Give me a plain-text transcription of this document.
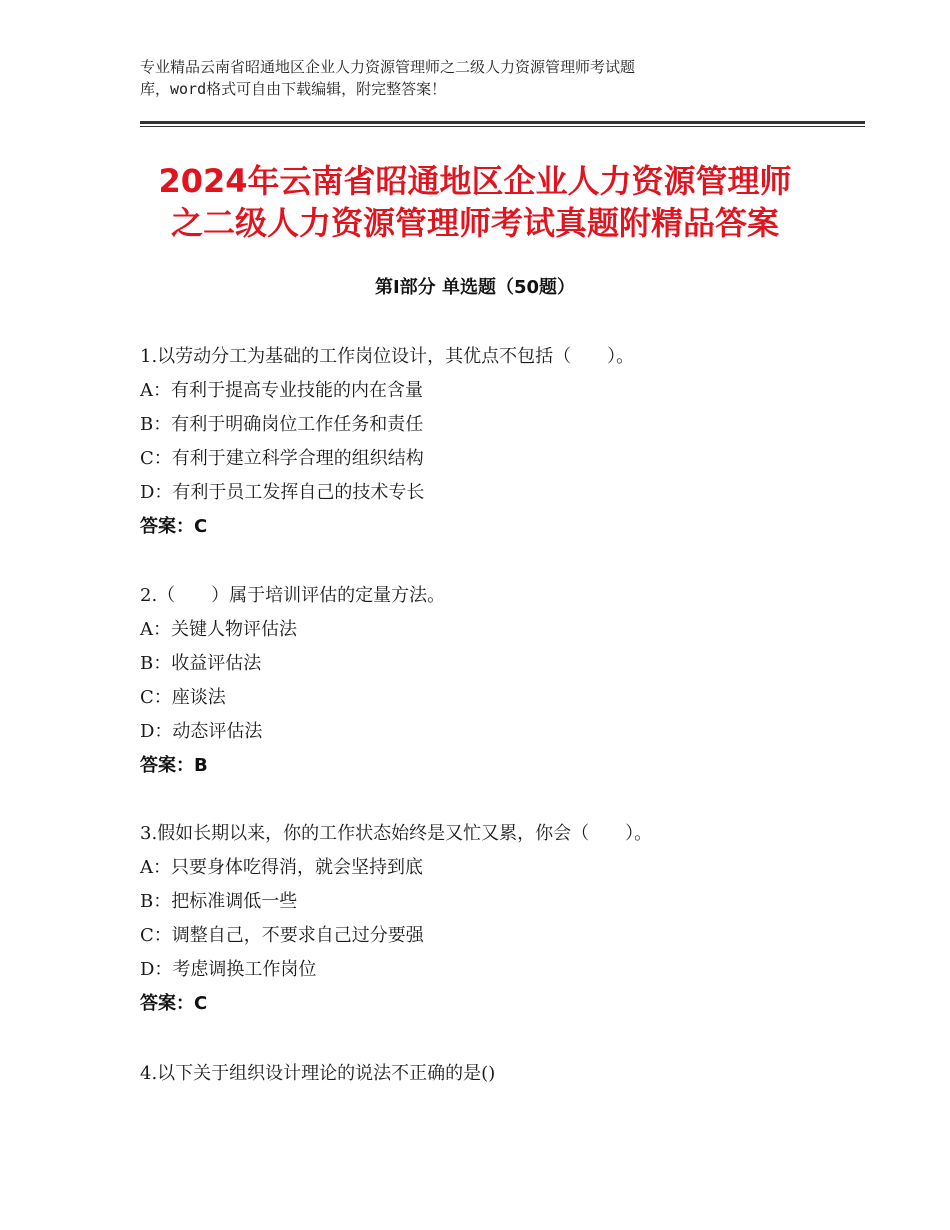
专业精品云南省昭通地区企业人力资源管理师之二级人力资源管理师考试题
库，word格式可自由下载编辑，附完整答案！
2024年云南省昭通地区企业人力资源管理师
之二级人力资源管理师考试真题附精品答案
第Ⅰ部分 单选题（50题）
1.以劳动分工为基础的工作岗位设计，其优点不包括（　　）。
A：有利于提高专业技能的内在含量
B：有利于明确岗位工作任务和责任
C：有利于建立科学合理的组织结构
D：有利于员工发挥自己的技术专长
答案：C
2.（　　）属于培训评估的定量方法。
A：关键人物评估法
B：收益评估法
C：座谈法
D：动态评估法
答案：B
3.假如长期以来，你的工作状态始终是又忙又累，你会（　　）。
A：只要身体吃得消，就会坚持到底
B：把标准调低一些
C：调整自己，不要求自己过分要强
D：考虑调换工作岗位
答案：C
4.以下关于组织设计理论的说法不正确的是()
